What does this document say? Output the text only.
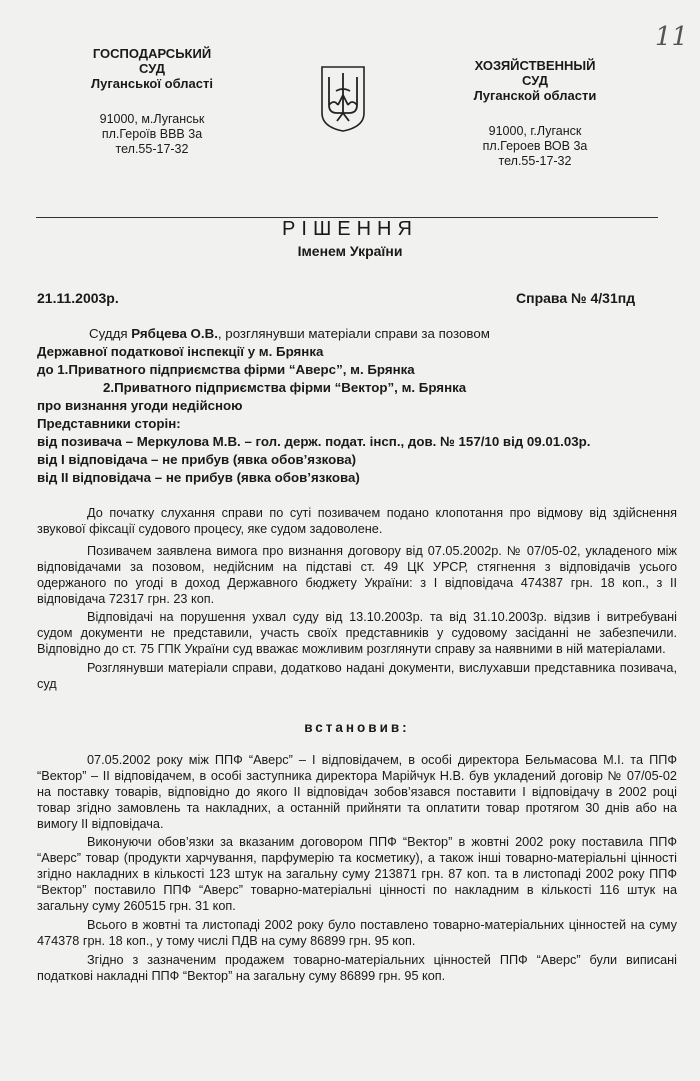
11
ГОСПОДАРСЬКИЙ
СУД
Луганської області
91000, м.Луганськ
пл.Героїв ВВВ 3а
тел.55-17-32
ХОЗЯЙСТВЕННЫЙ
СУД
Луганской области
91000, г.Луганск
пл.Героев ВОВ 3а
тел.55-17-32
РІШЕННЯ
Іменем України
21.11.2003р.	Справа № 4/31пд
Суддя Рябцева О.В., розглянувши матеріали справи за позовом
Державної податкової інспекції у м. Брянка
до 1.Приватного підприємства фірми “Аверс”, м. Брянка
2.Приватного підприємства фірми “Вектор”, м. Брянка
про визнання угоди недійсною
Представники сторін:
від позивача – Меркулова М.В. – гол. держ. подат. інсп., дов. № 157/10 від 09.01.03р.
від І відповідача – не прибув (явка обов’язкова)
від ІІ відповідача – не прибув (явка обов’язкова)

До початку слухання справи по суті позивачем подано клопотання про відмову від здійснення звукової фіксації судового процесу, яке судом задоволене.

Позивачем заявлена вимога про визнання договору від 07.05.2002р. № 07/05-02, укладеного між відповідачами за позовом, недійсним на підставі ст. 49 ЦК УРСР, стягнення з відповідачів усього одержаного по угоді в доход Державного бюджету України: з І відповідача 474387 грн. 18 коп., з ІІ відповідача 72317 грн. 23 коп.

Відповідачі на порушення ухвал суду від 13.10.2003р. та від 31.10.2003р. відзив і витребувані судом документи не представили, участь своїх представників у судовому засіданні не забезпечили. Відповідно до ст. 75 ГПК України суд вважає можливим розглянути справу за наявними в ній матеріалами.

Розглянувши матеріали справи, додатково надані документи, вислухавши представника позивача, суд

встановив:

07.05.2002 року між ППФ “Аверс” – І відповідачем, в особі директора Бельмасова М.І. та ППФ “Вектор” – ІІ відповідачем, в особі заступника директора Марійчук Н.В. був укладений договір № 07/05-02 на поставку товарів, відповідно до якого ІІ відповідач зобов’язався поставити І відповідачу в 2002 році товар згідно замовлень та накладних, а останній прийняти та оплатити товар протягом 30 днів або на вимогу ІІ відповідача.

Виконуючи обов’язки за вказаним договором ППФ “Вектор” в жовтні 2002 року поставила ППФ “Аверс” товар (продукти харчування, парфумерію та косметику), а також інші товарно-матеріальні цінності згідно накладних в кількості 123 штук на загальну суму 213871 грн. 87 коп. та в листопаді 2002 року ППФ “Вектор” поставило ППФ “Аверс” товарно-матеріальні цінності по накладним в кількості 116 штук на загальну суму 260515 грн. 31 коп.

Всього в жовтні та листопаді 2002 року було поставлено товарно-матеріальних цінностей на суму 474378 грн. 18 коп., у тому числі ПДВ на суму 86899 грн. 95 коп.

Згідно з зазначеним продажем товарно-матеріальних цінностей ППФ “Аверс” були виписані податкові накладні ППФ “Вектор” на загальну суму 86899 грн. 95 коп.
